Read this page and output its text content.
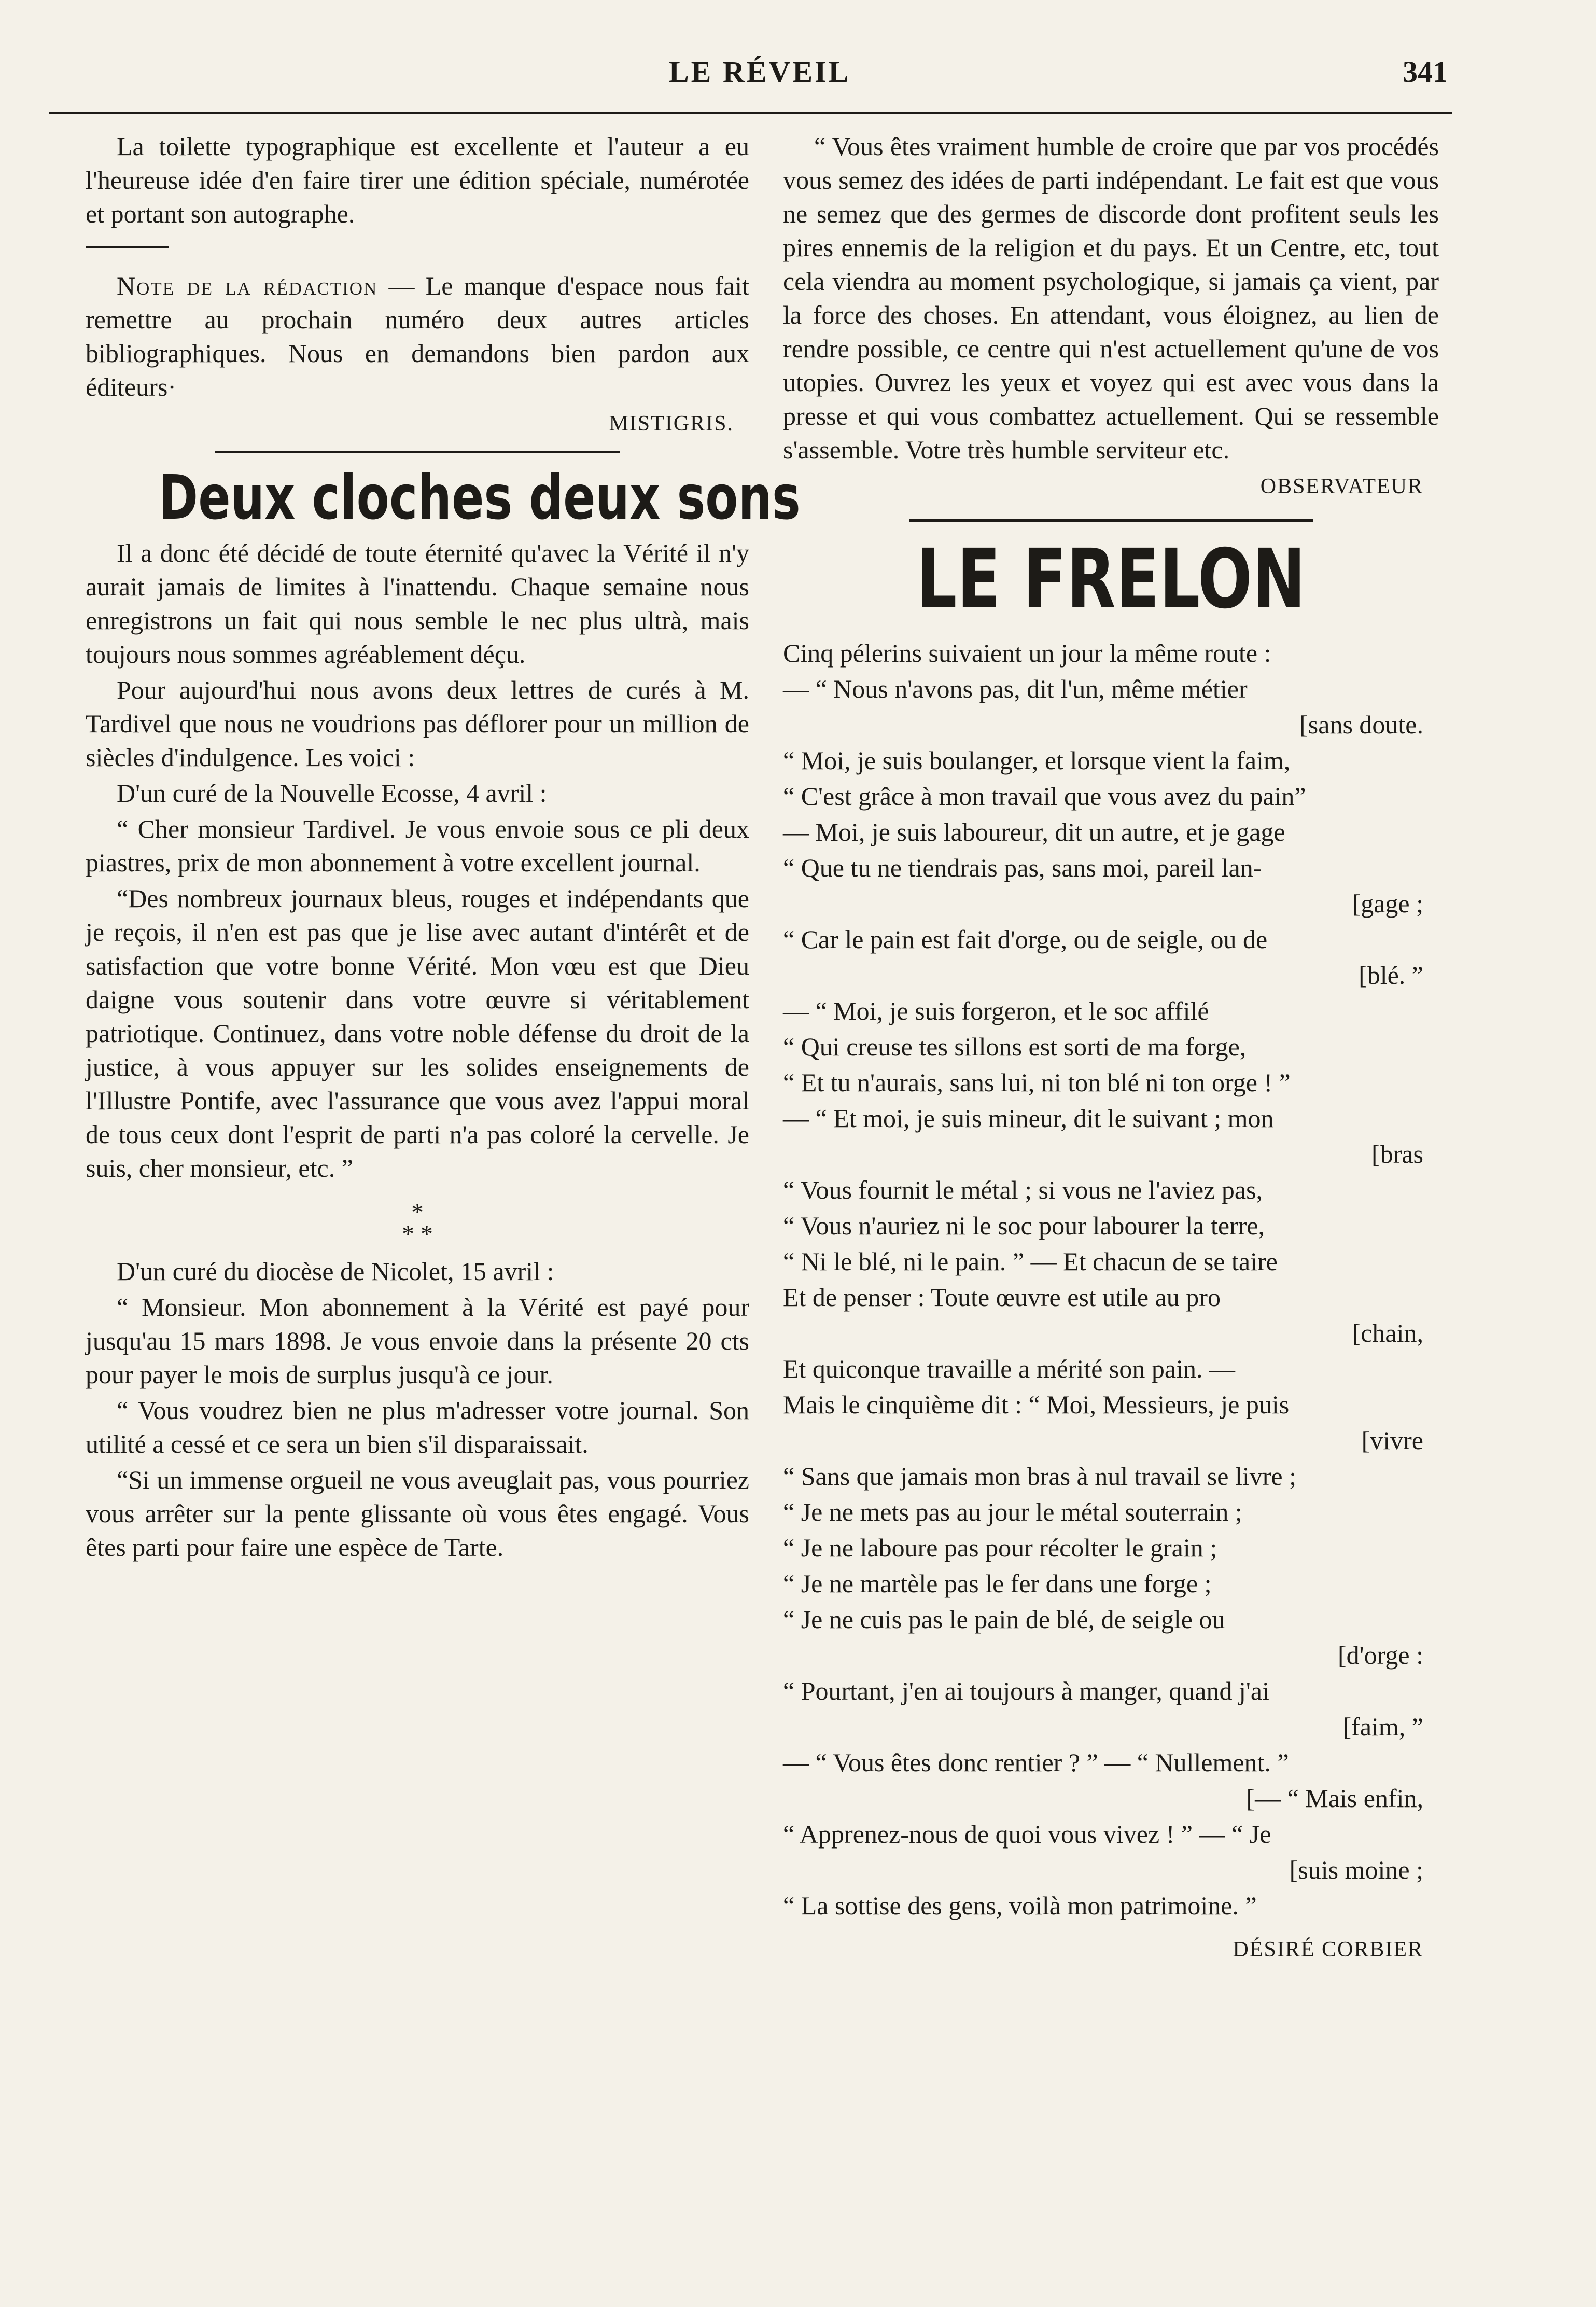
LE RÉVEIL	341

La toilette typographique est excellente et l'auteur a eu l'heureuse idée d'en faire tirer une édition spéciale, numérotée et portant son autographe.

Note de la rédaction — Le manque d'espace nous fait remettre au prochain numéro deux autres articles bibliographiques. Nous en demandons bien pardon aux éditeurs·

MISTIGRIS.
Deux cloches deux sons

Il a donc été décidé de toute éternité qu'avec la Vérité il n'y aurait jamais de limites à l'inattendu. Chaque semaine nous enregistrons un fait qui nous semble le nec plus ultrà, mais toujours nous sommes agréablement déçu.

Pour aujourd'hui nous avons deux lettres de curés à M. Tardivel que nous ne voudrions pas déflorer pour un million de siècles d'indulgence. Les voici :

D'un curé de la Nouvelle Ecosse, 4 avril :

“ Cher monsieur Tardivel. Je vous envoie sous ce pli deux piastres, prix de mon abonnement à votre excellent journal.

“Des nombreux journaux bleus, rouges et indépendants que je reçois, il n'en est pas que je lise avec autant d'intérêt et de satisfaction que votre bonne Vérité. Mon vœu est que Dieu daigne vous soutenir dans votre œuvre si véritablement patriotique. Continuez, dans votre noble défense du droit de la justice, à vous appuyer sur les solides enseignements de l'Illustre Pontife, avec l'assurance que vous avez l'appui moral de tous ceux dont l'esprit de parti n'a pas coloré la cervelle. Je suis, cher monsieur, etc. ”

*
* *

D'un curé du diocèse de Nicolet, 15 avril :

“ Monsieur. Mon abonnement à la Vérité est payé pour jusqu'au 15 mars 1898. Je vous envoie dans la présente 20 cts pour payer le mois de surplus jusqu'à ce jour.

“ Vous voudrez bien ne plus m'adresser votre journal. Son utilité a cessé et ce sera un bien s'il disparaissait.

“Si un immense orgueil ne vous aveuglait pas, vous pourriez vous arrêter sur la pente glissante où vous êtes engagé. Vous êtes parti pour faire une espèce de Tarte.

“ Vous êtes vraiment humble de croire que par vos procédés vous semez des idées de parti indépendant. Le fait est que vous ne semez que des germes de discorde dont profitent seuls les pires ennemis de la religion et du pays. Et un Centre, etc, tout cela viendra au moment psychologique, si jamais ça vient, par la force des choses. En attendant, vous éloignez, au lien de rendre possible, ce centre qui n'est actuellement qu'une de vos utopies. Ouvrez les yeux et voyez qui est avec vous dans la presse et qui vous combattez actuellement. Qui se ressemble s'assemble. Votre très humble serviteur etc.

OBSERVATEUR
LE FRELON

Cinq pélerins suivaient un jour la même route :

— “ Nous n'avons pas, dit l'un, même métier

[sans doute.

“ Moi, je suis boulanger, et lorsque vient la faim,

“ C'est grâce à mon travail que vous avez du pain”

— Moi, je suis laboureur, dit un autre, et je gage

“ Que tu ne tiendrais pas, sans moi, pareil lan-

[gage ;

“ Car le pain est fait d'orge, ou de seigle, ou de

[blé. ”

— “ Moi, je suis forgeron, et le soc affilé

“ Qui creuse tes sillons est sorti de ma forge,

“ Et tu n'aurais, sans lui, ni ton blé ni ton orge ! ”

— “ Et moi, je suis mineur, dit le suivant ; mon

[bras

“ Vous fournit le métal ; si vous ne l'aviez pas,

“ Vous n'auriez ni le soc pour labourer la terre,

“ Ni le blé, ni le pain. ” — Et chacun de se taire

Et de penser : Toute œuvre est utile au pro

[chain,

Et quiconque travaille a mérité son pain. —

Mais le cinquième dit : “ Moi, Messieurs, je puis

[vivre

“ Sans que jamais mon bras à nul travail se livre ;

“ Je ne mets pas au jour le métal souterrain ;

“ Je ne laboure pas pour récolter le grain ;

“ Je ne martèle pas le fer dans une forge ;

“ Je ne cuis pas le pain de blé, de seigle ou

[d'orge :

“ Pourtant, j'en ai toujours à manger, quand j'ai

[faim, ”

— “ Vous êtes donc rentier ? ” — “ Nullement. ”

[— “ Mais enfin,

“ Apprenez-nous de quoi vous vivez ! ” — “ Je

[suis moine ;

“ La sottise des gens, voilà mon patrimoine. ”

DÉSIRÉ CORBIER
